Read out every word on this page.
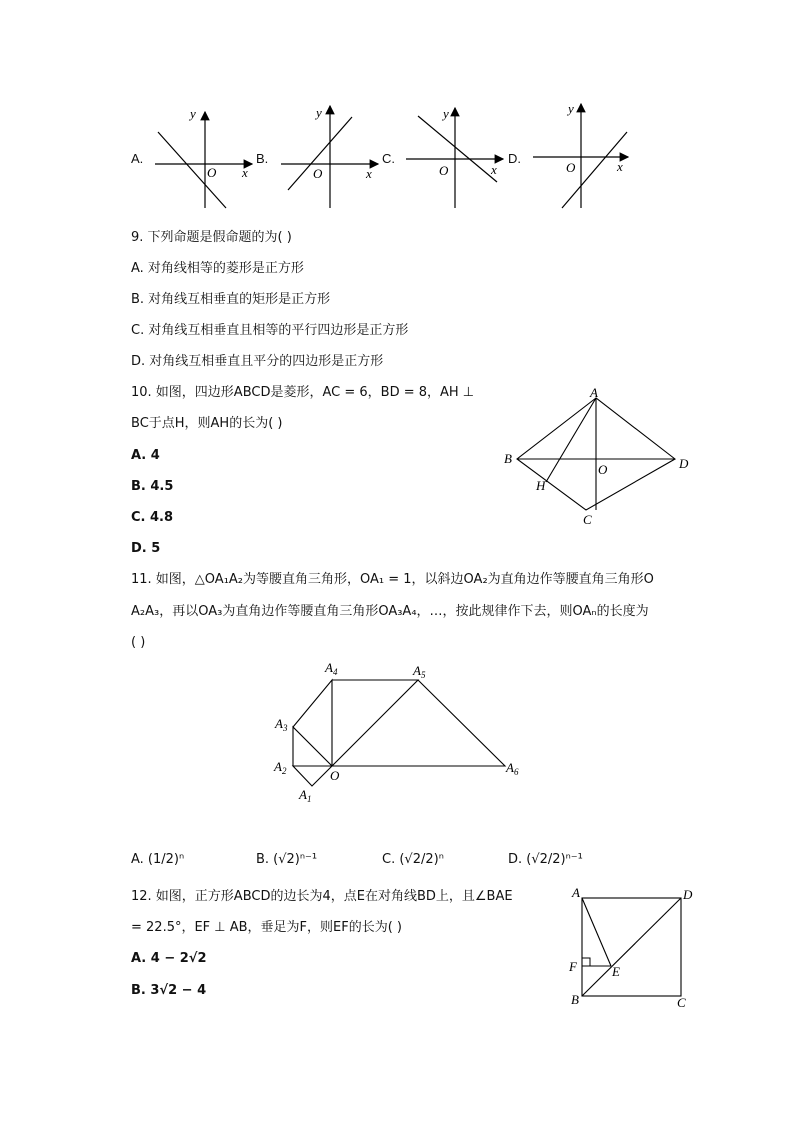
A.	B.	C.	D.
y
O x
y
O	x
y
O	x
y
O	x
9. 下列命题是假命题的为( )
A. 对角线相等的菱形是正方形
B. 对角线互相垂直的矩形是正方形
C. 对角线互相垂直且相等的平行四边形是正方形
D. 对角线互相垂直且平分的四边形是正方形
10. 如图，四边形ABCD是菱形，AC = 6，BD = 8，AH ⊥
BC于点H，则AH的长为( )
A. 4
B. 4.5
C. 4.8
D. 5
A
B
C
D
O
H
11. 如图，△OA₁A₂为等腰直角三角形，OA₁ = 1，以斜边OA₂为直角边作等腰直角三角形O
A₂A₃，再以OA₃为直角边作等腰直角三角形OA₃A₄，…，按此规律作下去，则OAₙ的长度为
( )
$A_4$	$A_5$
$A_3$
$A_2$
$A_1$
O
$A_6$
A. (1/2)ⁿ	B. (√2)ⁿ⁻¹	C. (√2/2)ⁿ	D. (√2/2)ⁿ⁻¹
12. 如图，正方形ABCD的边长为4，点E在对角线BD上，且∠BAE
= 22.5°，EF ⊥ AB，垂足为F，则EF的长为( )
A. 4 − 2√2
B. 3√2 − 4
A	D
B	C
F	E
